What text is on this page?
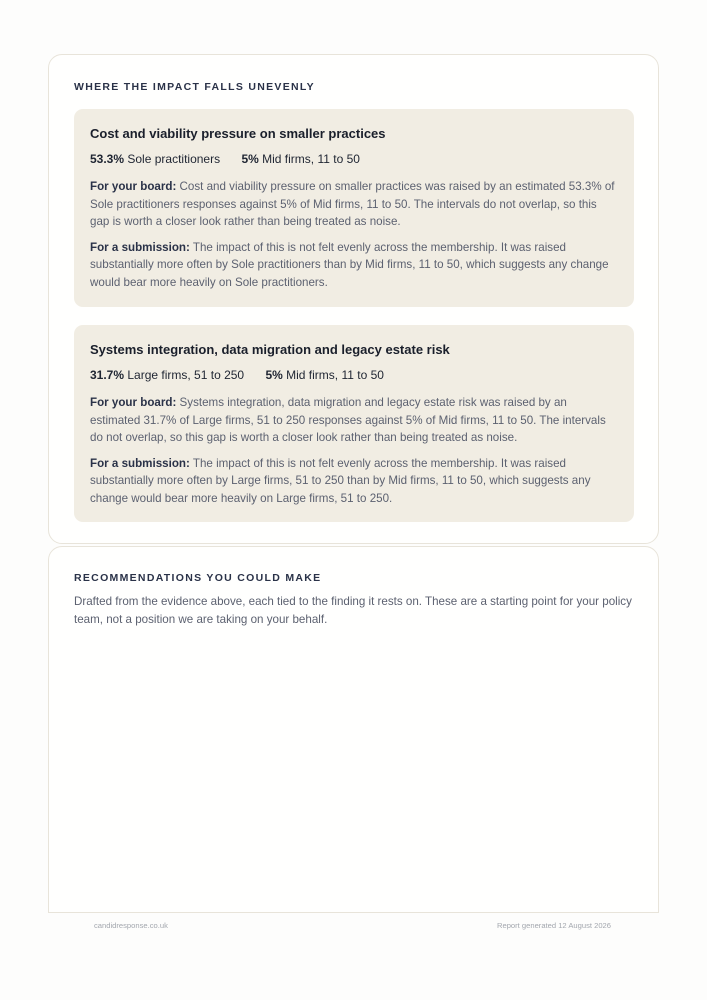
WHERE THE IMPACT FALLS UNEVENLY
Cost and viability pressure on smaller practices
53.3% Sole practitioners 5% Mid firms, 11 to 50

For your board: Cost and viability pressure on smaller practices was raised by an estimated 53.3% of Sole practitioners responses against 5% of Mid firms, 11 to 50. The intervals do not overlap, so this gap is worth a closer look rather than being treated as noise.

For a submission: The impact of this is not felt evenly across the membership. It was raised substantially more often by Sole practitioners than by Mid firms, 11 to 50, which suggests any change would bear more heavily on Sole practitioners.

Systems integration, data migration and legacy estate risk
31.7% Large firms, 51 to 250 5% Mid firms, 11 to 50

For your board: Systems integration, data migration and legacy estate risk was raised by an estimated 31.7% of Large firms, 51 to 250 responses against 5% of Mid firms, 11 to 50. The intervals do not overlap, so this gap is worth a closer look rather than being treated as noise.

For a submission: The impact of this is not felt evenly across the membership. It was raised substantially more often by Large firms, 51 to 250 than by Mid firms, 11 to 50, which suggests any change would bear more heavily on Large firms, 51 to 250.

RECOMMENDATIONS YOU COULD MAKE

Drafted from the evidence above, each tied to the finding it rests on. These are a starting point for your policy team, not a position we are taking on your behalf.

candidresponse.co.uk	Report generated 12 August 2026
